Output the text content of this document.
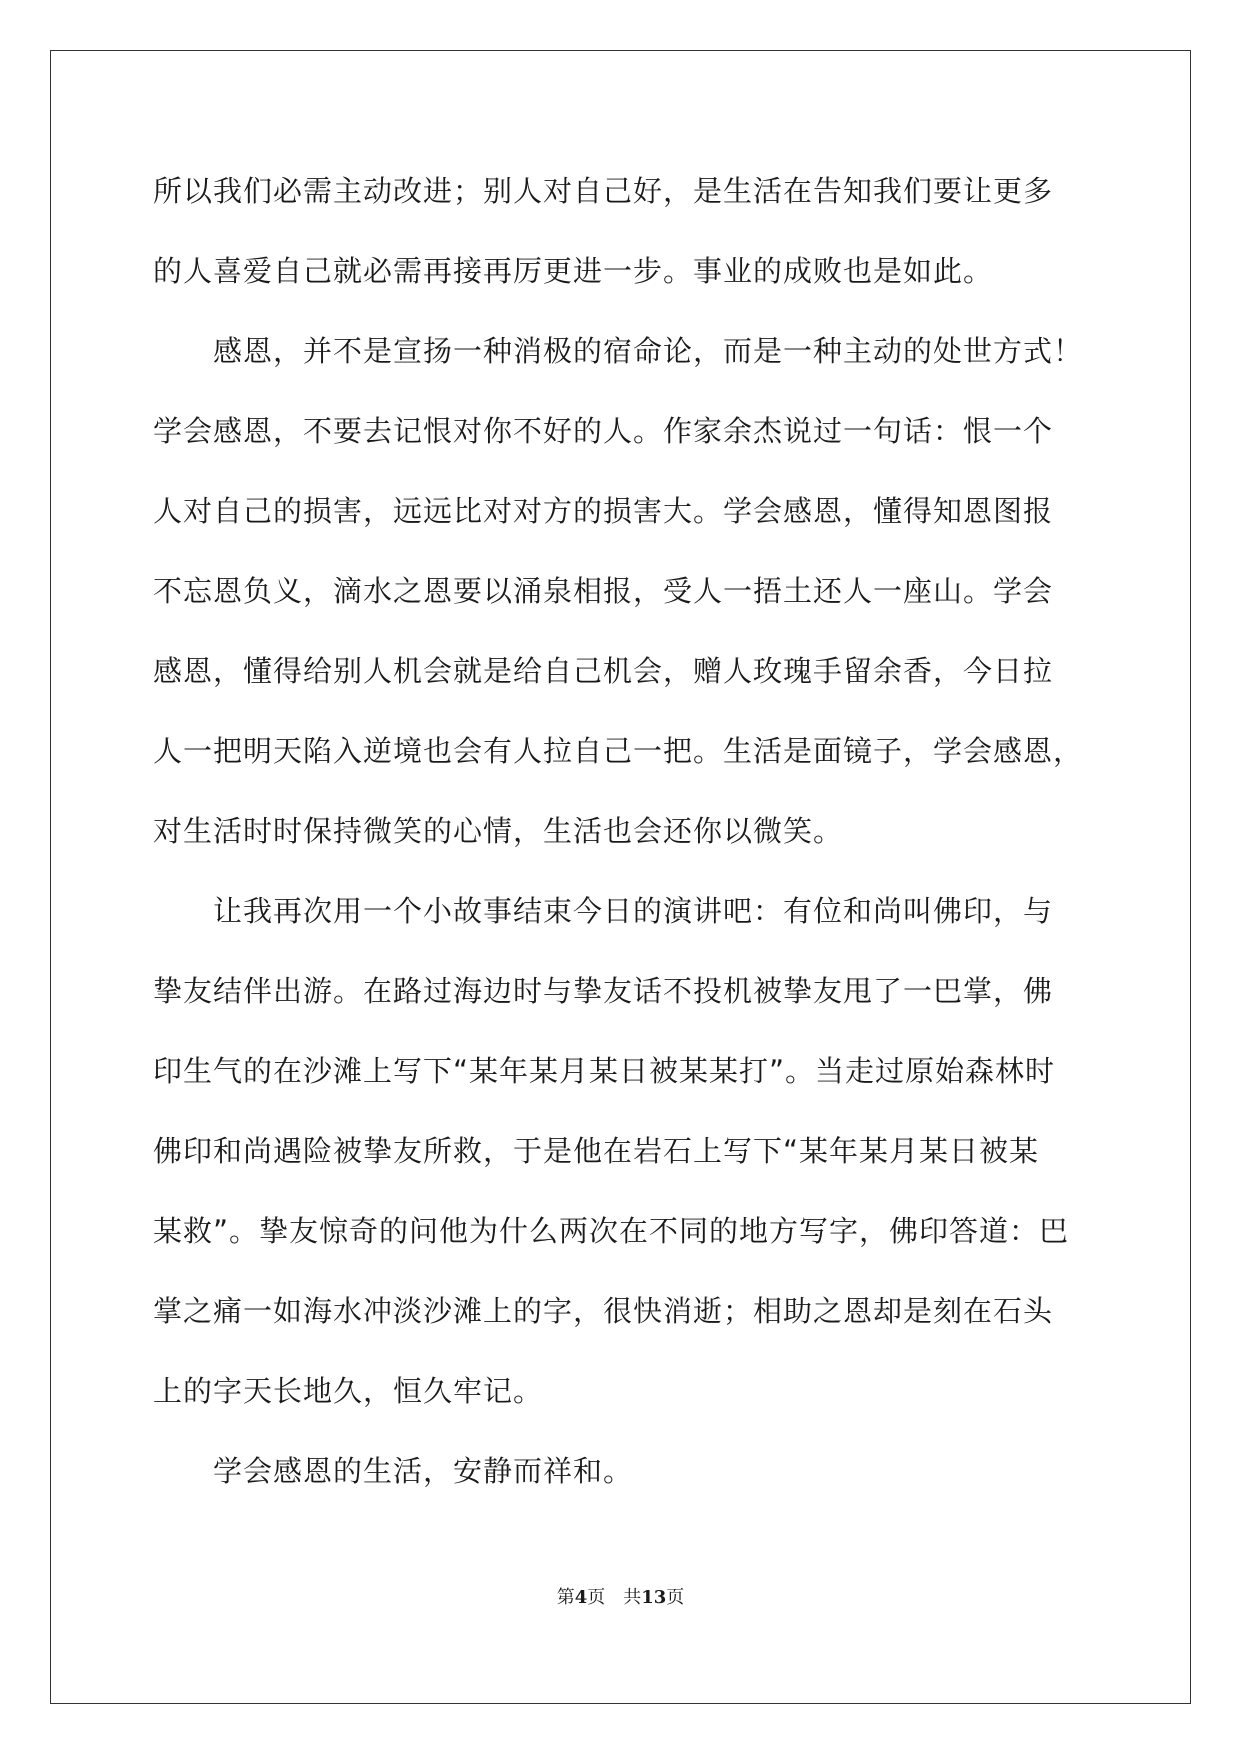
所以我们必需主动改进；别人对自己好，是生活在告知我们要让更多
的人喜爱自己就必需再接再厉更进一步。事业的成败也是如此。
　　感恩，并不是宣扬一种消极的宿命论，而是一种主动的处世方式！
学会感恩，不要去记恨对你不好的人。作家余杰说过一句话：恨一个
人对自己的损害，远远比对对方的损害大。学会感恩，懂得知恩图报
不忘恩负义，滴水之恩要以涌泉相报，受人一捂土还人一座山。学会
感恩，懂得给别人机会就是给自己机会，赠人玫瑰手留余香，今日拉
人一把明天陷入逆境也会有人拉自己一把。生活是面镜子，学会感恩，
对生活时时保持微笑的心情，生活也会还你以微笑。
　　让我再次用一个小故事结束今日的演讲吧：有位和尚叫佛印，与
挚友结伴出游。在路过海边时与挚友话不投机被挚友甩了一巴掌，佛
印生气的在沙滩上写下“某年某月某日被某某打”。当走过原始森林时
佛印和尚遇险被挚友所救，于是他在岩石上写下“某年某月某日被某
某救”。挚友惊奇的问他为什么两次在不同的地方写字，佛印答道：巴
掌之痛一如海水冲淡沙滩上的字，很快消逝；相助之恩却是刻在石头
上的字天长地久，恒久牢记。
　　学会感恩的生活，安静而祥和。
第4页　共13页
